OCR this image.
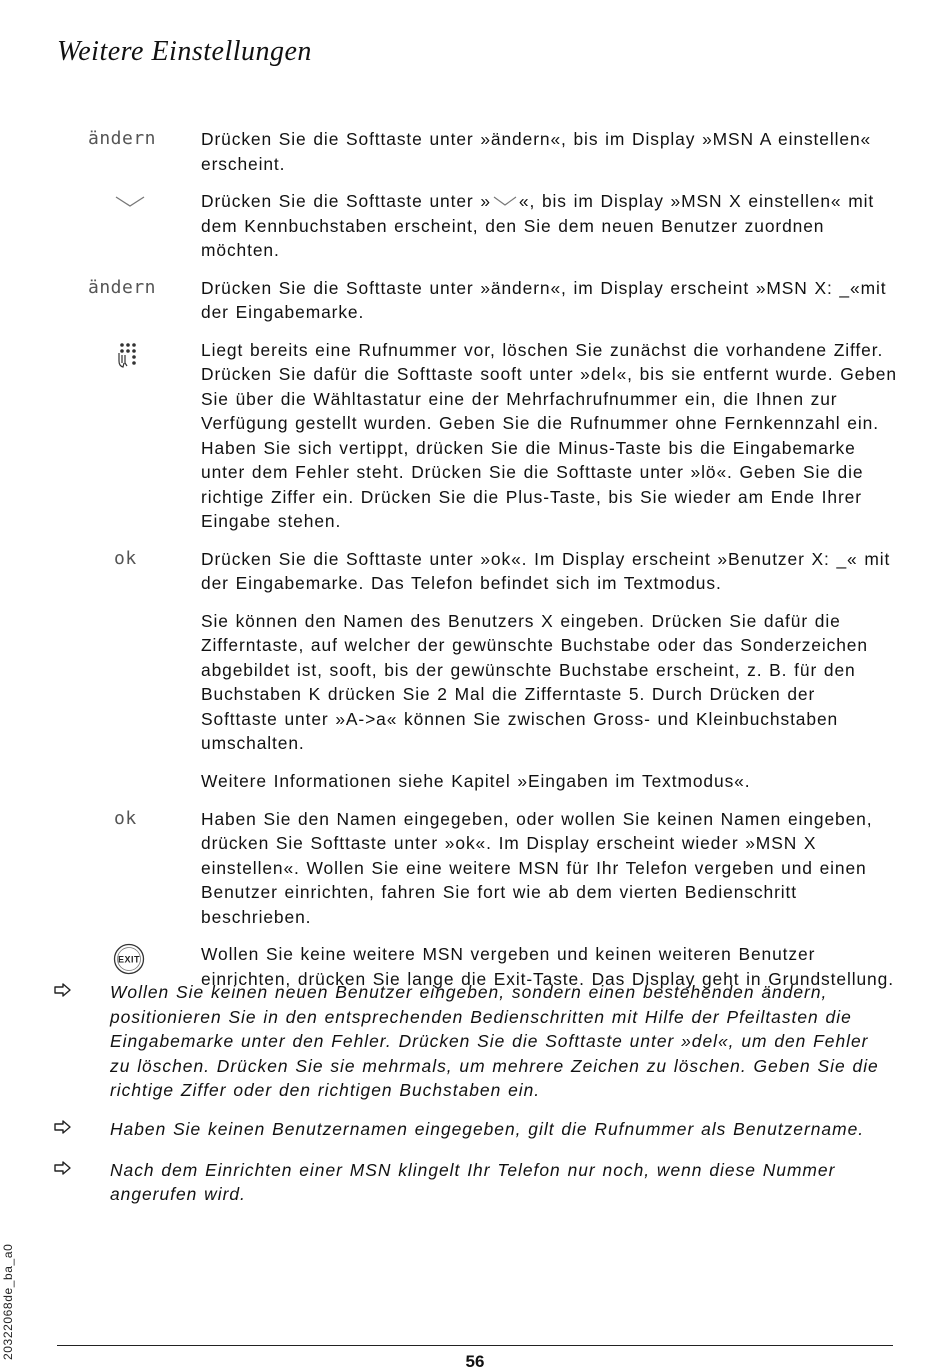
Weitere Einstellungen
ändern	Drücken Sie die Softtaste unter »ändern«, bis im Display »MSN A einstellen« erscheint.
Drücken Sie die Softtaste unter » «, bis im Display »MSN X einstellen« mit dem Kennbuchstaben erscheint, den Sie dem neuen Benutzer zuordnen möchten.
ändern	Drücken Sie die Softtaste unter »ändern«, im Display erscheint »MSN X: _«mit der Eingabemarke.
Liegt bereits eine Rufnummer vor, löschen Sie zunächst die vorhandene Ziffer. Drücken Sie dafür die Softtaste sooft unter »del«, bis sie entfernt wurde. Geben Sie über die Wähltastatur eine der Mehrfachrufnummer ein, die Ihnen zur Verfügung gestellt wurden. Geben Sie die Rufnummer ohne Fernkennzahl ein. Haben Sie sich vertippt, drücken Sie die Minus-Taste bis die Eingabemarke unter dem Fehler steht. Drücken Sie die Softtaste unter »lö«. Geben Sie die richtige Ziffer ein. Drücken Sie die Plus-Taste, bis Sie wieder am Ende Ihrer Eingabe stehen.
ok	Drücken Sie die Softtaste unter »ok«. Im Display erscheint »Benutzer X: _« mit der Eingabemarke. Das Telefon befindet sich im Textmodus.
Sie können den Namen des Benutzers X eingeben. Drücken Sie dafür die Zifferntaste, auf welcher der gewünschte Buchstabe oder das Sonderzeichen abgebildet ist, sooft, bis der gewünschte Buchstabe erscheint, z. B. für den Buchstaben K drücken Sie 2 Mal die Zifferntaste 5. Durch Drücken der Softtaste unter »A->a« können Sie zwischen Gross- und Kleinbuchstaben umschalten.
Weitere Informationen siehe Kapitel »Eingaben im Textmodus«.
ok	Haben Sie den Namen eingegeben, oder wollen Sie keinen Namen eingeben, drücken Sie Softtaste unter »ok«. Im Display erscheint wieder »MSN X einstellen«. Wollen Sie eine weitere MSN für Ihr Telefon vergeben und einen Benutzer einrichten, fahren Sie fort wie ab dem vierten Bedienschritt beschrieben.
EXIT	Wollen Sie keine weitere MSN vergeben und keinen weiteren Benutzer einrichten, drücken Sie lange die Exit-Taste. Das Display geht in Grundstellung.
Wollen Sie keinen neuen Benutzer eingeben, sondern einen bestehenden ändern, positionieren Sie in den entsprechenden Bedienschritten mit Hilfe der Pfeiltasten die Eingabemarke unter den Fehler. Drücken Sie die Softtaste unter »del«, um den Fehler zu löschen. Drücken Sie sie mehrmals, um mehrere Zeichen zu löschen. Geben Sie die richtige Ziffer oder den richtigen Buchstaben ein.
Haben Sie keinen Benutzernamen eingegeben, gilt die Rufnummer als Benutzername.
Nach dem Einrichten einer MSN klingelt Ihr Telefon nur noch, wenn diese Nummer angerufen wird.
20322068de_ba_a0
56
